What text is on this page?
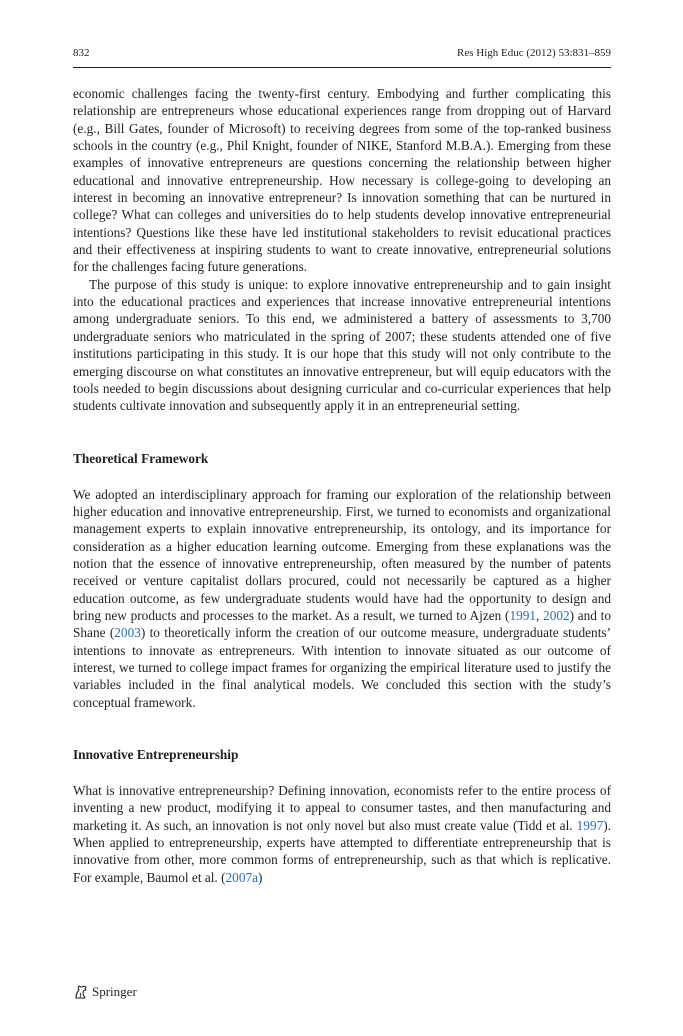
832	Res High Educ (2012) 53:831–859

economic challenges facing the twenty-first century. Embodying and further complicating this relationship are entrepreneurs whose educational experiences range from dropping out of Harvard (e.g., Bill Gates, founder of Microsoft) to receiving degrees from some of the top-ranked business schools in the country (e.g., Phil Knight, founder of NIKE, Stanford M.B.A.). Emerging from these examples of innovative entrepreneurs are questions concerning the relationship between higher educational and innovative entrepreneurship. How necessary is college-going to developing an interest in becoming an innovative entrepreneur? Is innovation something that can be nurtured in college? What can colleges and universities do to help students develop innovative entrepreneurial intentions? Questions like these have led institutional stakeholders to revisit educational practices and their effectiveness at inspiring students to want to create innovative, entrepreneurial solutions for the challenges facing future generations.

The purpose of this study is unique: to explore innovative entrepreneurship and to gain insight into the educational practices and experiences that increase innovative entrepreneurial intentions among undergraduate seniors. To this end, we administered a battery of assessments to 3,700 undergraduate seniors who matriculated in the spring of 2007; these students attended one of five institutions participating in this study. It is our hope that this study will not only contribute to the emerging discourse on what constitutes an innovative entrepreneur, but will equip educators with the tools needed to begin discussions about designing curricular and co-curricular experiences that help students cultivate innovation and subsequently apply it in an entrepreneurial setting.

Theoretical Framework

We adopted an interdisciplinary approach for framing our exploration of the relationship between higher education and innovative entrepreneurship. First, we turned to economists and organizational management experts to explain innovative entrepreneurship, its ontology, and its importance for consideration as a higher education learning outcome. Emerging from these explanations was the notion that the essence of innovative entrepreneurship, often measured by the number of patents received or venture capitalist dollars procured, could not necessarily be captured as a higher education outcome, as few undergraduate students would have had the opportunity to design and bring new products and processes to the market. As a result, we turned to Ajzen (1991, 2002) and to Shane (2003) to theoretically inform the creation of our outcome measure, undergraduate students’ intentions to innovate as entrepreneurs. With intention to innovate situated as our outcome of interest, we turned to college impact frames for organizing the empirical literature used to justify the variables included in the final analytical models. We concluded this section with the study’s conceptual framework.

Innovative Entrepreneurship

What is innovative entrepreneurship? Defining innovation, economists refer to the entire process of inventing a new product, modifying it to appeal to consumer tastes, and then manufacturing and marketing it. As such, an innovation is not only novel but also must create value (Tidd et al. 1997). When applied to entrepreneurship, experts have attempted to differentiate entrepreneurship that is innovative from other, more common forms of entrepreneurship, such as that which is replicative. For example, Baumol et al. (2007a)

Springer
